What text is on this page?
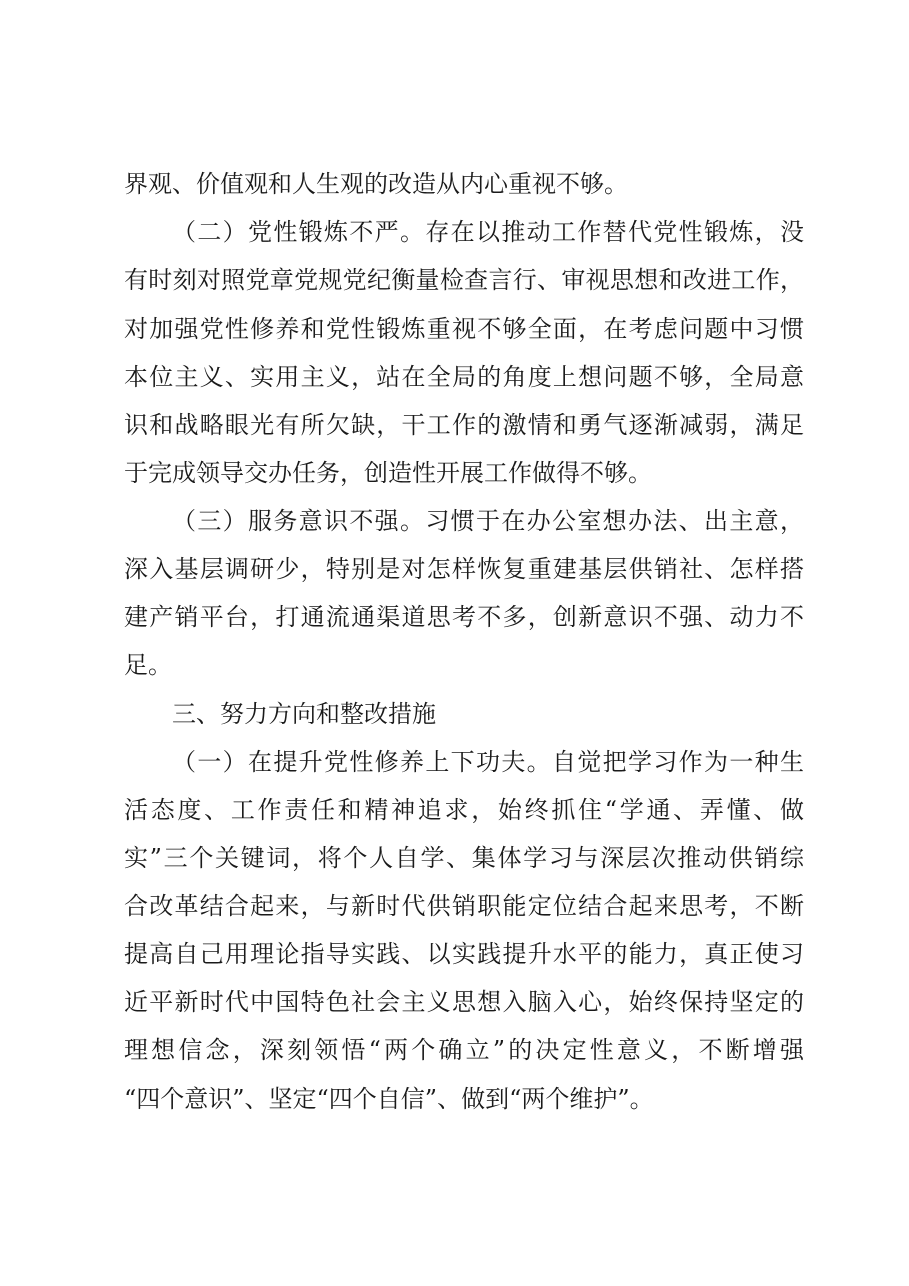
界观、价值观和人生观的改造从内心重视不够。
（二）党性锻炼不严。存在以推动工作替代党性锻炼，没
有时刻对照党章党规党纪衡量检查言行、审视思想和改进工作，
对加强党性修养和党性锻炼重视不够全面，在考虑问题中习惯
本位主义、实用主义，站在全局的角度上想问题不够，全局意
识和战略眼光有所欠缺，干工作的激情和勇气逐渐减弱，满足
于完成领导交办任务，创造性开展工作做得不够。
（三）服务意识不强。习惯于在办公室想办法、出主意，
深入基层调研少，特别是对怎样恢复重建基层供销社、怎样搭
建产销平台，打通流通渠道思考不多，创新意识不强、动力不
足。
三、努力方向和整改措施
（一）在提升党性修养上下功夫。自觉把学习作为一种生
活态度、工作责任和精神追求，始终抓住“学通、弄懂、做
实”三个关键词，将个人自学、集体学习与深层次推动供销综
合改革结合起来，与新时代供销职能定位结合起来思考，不断
提高自己用理论指导实践、以实践提升水平的能力，真正使习
近平新时代中国特色社会主义思想入脑入心，始终保持坚定的
理想信念，深刻领悟“两个确立”的决定性意义，不断增强
“四个意识”、坚定“四个自信”、做到“两个维护”。
